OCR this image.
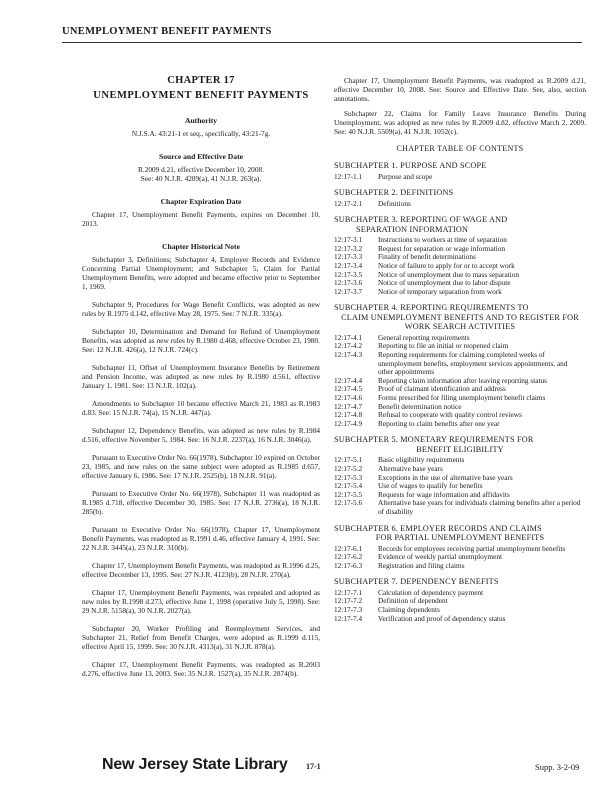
UNEMPLOYMENT BENEFIT PAYMENTS

CHAPTER 17

UNEMPLOYMENT BENEFIT PAYMENTS

Authority

N.J.S.A. 43:21-1 et seq., specifically, 43:21-7g.

Source and Effective Date

R.2009 d.21, effective December 10, 2008.

See: 40 N.J.R. 4289(a), 41 N.J.R. 263(a).

Chapter Expiration Date

Chapter 17, Unemployment Benefit Payments, expires on December 10, 2013.

Chapter Historical Note

Subchapter 3, Definitions; Subchapter 4, Employer Records and Evidence Concerning Partial Unemployment; and Subchapter 5, Claim for Partial Unemployment Benefits, were adopted and became effective prior to September 1, 1969.

Subchapter 9, Procedures for Wage Benefit Conflicts, was adopted as new rules by R.1975 d.142, effective May 28, 1975. See: 7 N.J.R. 335(a).

Subchapter 10, Determination and Demand for Refund of Unemployment Benefits, was adopted as new rules by R.1980 d.468, effective October 23, 1980. See: 12 N.J.R. 426(a), 12 N.J.R. 724(c).

Subchapter 11, Offset of Unemployment Insurance Benefits by Retirement and Pension Income, was adopted as new rules by R.1980 d.561, effective January 1, 1981. See: 13 N.J.R. 102(a).

Amendments to Subchapter 10 became effective March 21, 1983 as R.1983 d.83. See: 15 N.J.R. 74(a), 15 N.J.R. 447(a).

Subchapter 12, Dependency Benefits, was adopted as new rules by R.1984 d.516, effective November 5, 1984. See: 16 N.J.R. 2237(a), 16 N.J.R. 3046(a).

Pursuant to Executive Order No. 66(1978), Subchapter 10 expired on October 23, 1985, and new rules on the same subject were adopted as R.1985 d.657, effective January 6, 1986. See: 17 N.J.R. 2525(b), 18 N.J.R. 91(a).

Pursuant to Executive Order No. 66(1978), Subchapter 11 was readopted as R.1985 d.718, effective December 30, 1985. See: 17 N.J.R. 2736(a), 18 N.J.R. 285(b).

Pursuant to Executive Order No. 66(1978), Chapter 17, Unemployment Benefit Payments, was readopted as R.1991 d.46, effective January 4, 1991. See: 22 N.J.R. 3445(a), 23 N.J.R. 310(b).

Chapter 17, Unemployment Benefit Payments, was readopted as R.1996 d.25, effective December 13, 1995. See: 27 N.J.R. 4123(b), 28 N.J.R. 270(a).

Chapter 17, Unemployment Benefit Payments, was repealed and adopted as new rules by R.1998 d.273, effective June 1, 1998 (operative July 5, 1998). See: 29 N.J.R. 5158(a), 30 N.J.R. 2027(a).

Subchapter 20, Worker Profiling and Reemployment Services, and Subchapter 21, Relief from Benefit Charges, were adopted as R.1999 d.115, effective April 15, 1999. See: 30 N.J.R. 4313(a), 31 N.J.R. 878(a).

Chapter 17, Unemployment Benefit Payments, was readopted as R.2003 d.276, effective June 13, 2003. See: 35 N.J.R. 1527(a), 35 N.J.R. 2874(b).

Chapter 17, Unemployment Benefit Payments, was readopted as R.2009 d.21, effective December 10, 2008. See: Source and Effective Date. See, also, section annotations.

Subchapter 22, Claims for Family Leave Insurance Benefits During Unemployment, was adopted as new rules by R.2009 d.82, effective March 2, 2009. See: 40 N.J.R. 5509(a), 41 N.J.R. 1052(c).

CHAPTER TABLE OF CONTENTS

SUBCHAPTER 1. PURPOSE AND SCOPE

12:17-1.1	Purpose and scope

SUBCHAPTER 2. DEFINITIONS

12:17-2.1	Definitions

SUBCHAPTER 3. REPORTING OF WAGE AND

SEPARATION INFORMATION

12:17-3.1	Instructions to workers at time of separation
12:17-3.2	Request for separation or wage information
12:17-3.3	Finality of benefit determinations
12:17-3.4	Notice of failure to apply for or to accept work
12:17-3.5	Notice of unemployment due to mass separation
12:17-3.6	Notice of unemployment due to labor dispute
12:17-3.7	Notice of temporary separation from work

SUBCHAPTER 4. REPORTING REQUIREMENTS TO

CLAIM UNEMPLOYMENT BENEFITS AND TO REGISTER FOR WORK SEARCH ACTIVITIES

12:17-4.1	General reporting requirements
12:17-4.2	Reporting to file an initial or reopened claim
12:17-4.3	Reporting requirements for claiming completed weeks of unemployment benefits, employment services appointments, and other appointments
12:17-4.4	Reporting claim information after leaving reporting status
12:17-4.5	Proof of claimant identification and address
12:17-4.6	Forms prescribed for filing unemployment benefit claims
12:17-4.7	Benefit determination notice
12:17-4.8	Refusal to cooperate with quality control reviews
12:17-4.9	Reporting to claim benefits after one year

SUBCHAPTER 5. MONETARY REQUIREMENTS FOR

BENEFIT ELIGIBILITY

12:17-5.1	Basic eligibility requirements
12:17-5.2	Alternative base years
12:17-5.3	Exceptions in the use of alternative base years
12:17-5.4	Use of wages to qualify for benefits
12:17-5.5	Requests for wage information and affidavits
12:17-5.6	Alternative base years for individuals claiming benefits after a period of disability

SUBCHAPTER 6. EMPLOYER RECORDS AND CLAIMS

FOR PARTIAL UNEMPLOYMENT BENEFITS

12:17-6.1	Records for employees receiving partial unemployment benefits
12:17-6.2	Evidence of weekly partial unemployment
12:17-6.3	Registration and filing claims

SUBCHAPTER 7. DEPENDENCY BENEFITS

12:17-7.1	Calculation of dependency payment
12:17-7.2	Definition of dependent
12:17-7.3	Claiming dependents
12:17-7.4	Verification and proof of dependency status
New Jersey State Library 17-1	Supp. 3-2-09
